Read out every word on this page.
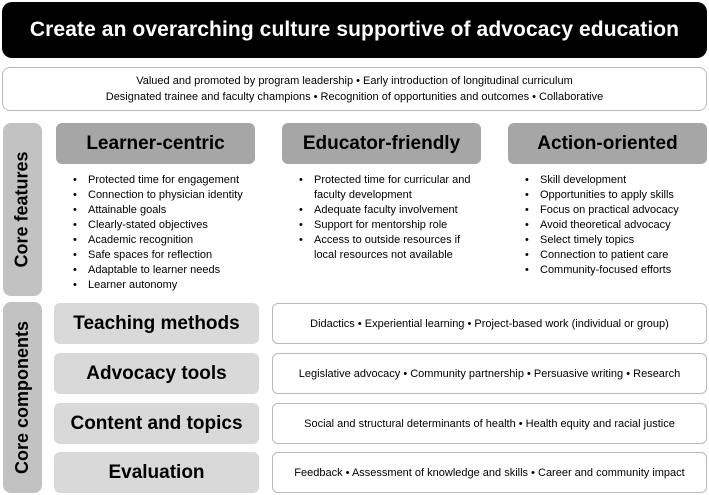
Create an overarching culture supportive of advocacy education
Valued and promoted by program leadership • Early introduction of longitudinal curriculum
Designated trainee and faculty champions • Recognition of opportunities and outcomes • Collaborative
Core features
Core components
Learner-centric
• Protected time for engagement
• Connection to physician identity
• Attainable goals
• Clearly-stated objectives
• Academic recognition
• Safe spaces for reflection
• Adaptable to learner needs
• Learner autonomy
Educator-friendly
• Protected time for curricular and faculty development
• Adequate faculty involvement
• Support for mentorship role
• Access to outside resources if local resources not available
Action-oriented
• Skill development
• Opportunities to apply skills
• Focus on practical advocacy
• Avoid theoretical advocacy
• Select timely topics
• Connection to patient care
• Community-focused efforts
Teaching methods	Didactics • Experiential learning • Project-based work (individual or group)
Advocacy tools	Legislative advocacy • Community partnership • Persuasive writing • Research
Content and topics	Social and structural determinants of health • Health equity and racial justice
Evaluation	Feedback • Assessment of knowledge and skills • Career and community impact
